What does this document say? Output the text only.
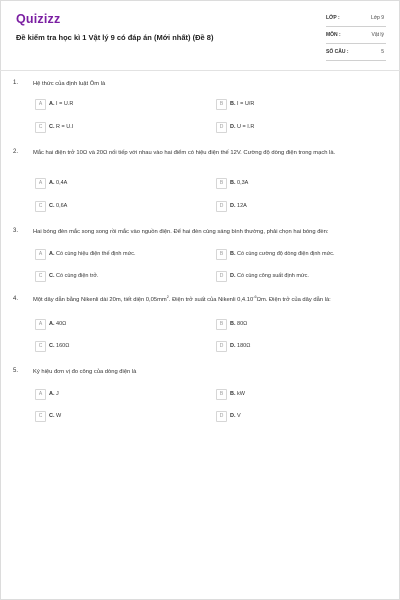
Quizizz
Đề kiểm tra học kì 1 Vật lý 9 có đáp án (Mới nhất) (Đề 8)
LỚP :	Lớp 9
MÔN :	Vật lý
SỐ CÂU :	5
1.	Hệ thức của định luật Ôm là
A	A. I = U.R	B	B. I = U/R
C	C. R = U.I	D	D. U = I.R
2.	Mắc hai điện trở 10Ω và 20Ω nối tiếp với nhau vào hai điểm có hiệu điện thế 12V. Cường độ dòng điện trong mạch là.
A	A. 0,4A	B	B. 0,3A
C	C. 0,6A	D	D. 12A
3.	Hai bóng đèn mắc song song rồi mắc vào nguồn điện. Để hai đèn cùng sáng bình thường, phải chọn hai bóng đèn:
A	A. Có cùng hiệu điện thế định mức.	B	B. Có cùng cường độ dòng điện định mức.
C	C. Có cùng điện trở.	D	D. Có cùng công suất định mức.
4.	Một dây dẫn bằng Nikenli dài 20m, tiết diện $0,05mm^2$. Điện trở suất của Nikenli $0,4.10^{-6}\Omega m$. Điện trở của dây dẫn là:
A	A. 40Ω	B	B. 80Ω
C	C. 160Ω	D	D. 180Ω
5.	Ký hiệu đơn vị đo công của dòng điện là
A	A. J	B	B. kW
C	C. W	D	D. V
